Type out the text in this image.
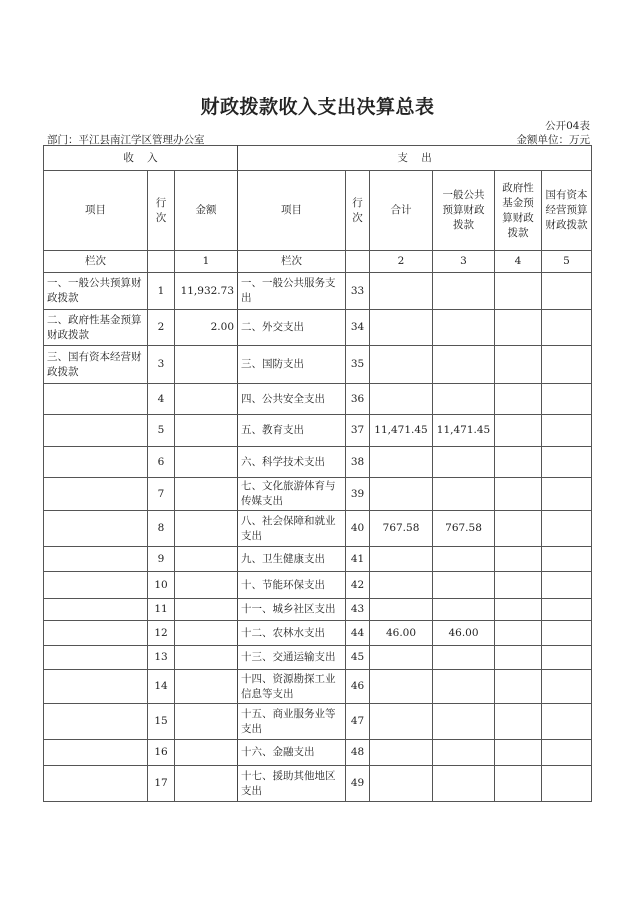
财政拨款收入支出决算总表
公开04表
部门：平江县南江学区管理办公室	金额单位：万元
收    入			支    出					
项目	行次	金额	项目	行次	合计	一般公共预算财政拨款	政府性基金预算财政拨款	国有资本经营预算财政拨款
栏次		1	栏次		2	3	4	5
一、一般公共预算财政拨款	1	11,932.73	一、一般公共服务支出	33				
二、政府性基金预算财政拨款	2	2.00	二、外交支出	34				
三、国有资本经营财政拨款	3		三、国防支出	35				
	4		四、公共安全支出	36				
	5		五、教育支出	37	11,471.45	11,471.45		
	6		六、科学技术支出	38				
	7		七、文化旅游体育与传媒支出	39				
	8		八、社会保障和就业支出	40	767.58	767.58		
	9		九、卫生健康支出	41				
	10		十、节能环保支出	42				
	11		十一、城乡社区支出	43				
	12		十二、农林水支出	44	46.00	46.00		
	13		十三、交通运输支出	45				
	14		十四、资源勘探工业信息等支出	46				
	15		十五、商业服务业等支出	47				
	16		十六、金融支出	48				
	17		十七、援助其他地区支出	49				
